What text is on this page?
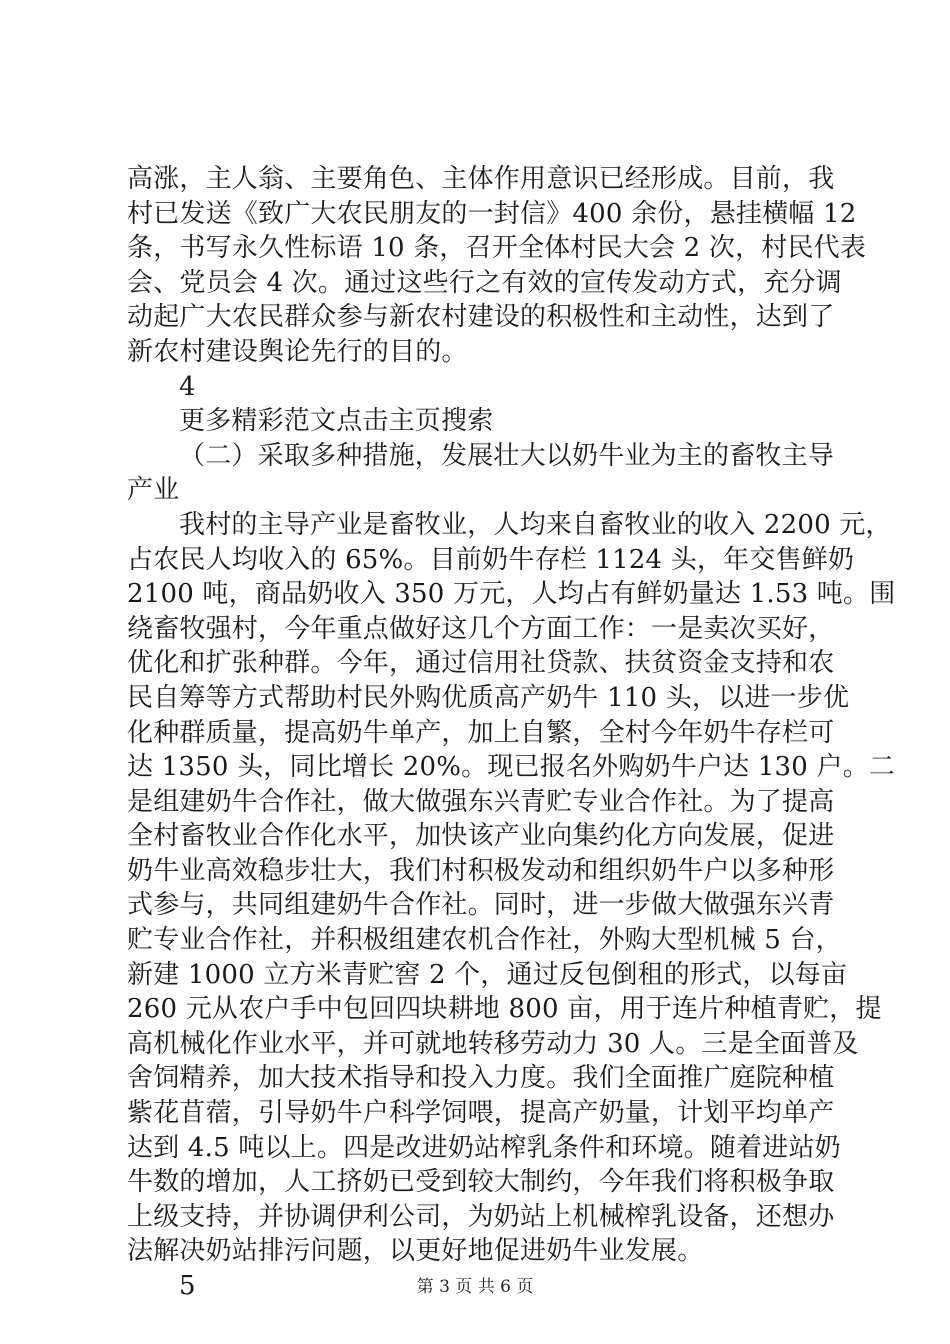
高涨，主人翁、主要角色、主体作用意识已经形成。目前，我

村已发送《致广大农民朋友的一封信》400 余份，悬挂横幅 12

条，书写永久性标语 10 条，召开全体村民大会 2 次，村民代表

会、党员会 4 次。通过这些行之有效的宣传发动方式，充分调

动起广大农民群众参与新农村建设的积极性和主动性，达到了

新农村建设舆论先行的目的。

4

更多精彩范文点击主页搜索

（二）采取多种措施，发展壮大以奶牛业为主的畜牧主导

产业

我村的主导产业是畜牧业，人均来自畜牧业的收入 2200 元，

占农民人均收入的 65%。目前奶牛存栏 1124 头，年交售鲜奶

2100 吨，商品奶收入 350 万元，人均占有鲜奶量达 1.53 吨。围

绕畜牧强村，今年重点做好这几个方面工作：一是卖次买好，

优化和扩张种群。今年，通过信用社贷款、扶贫资金支持和农

民自筹等方式帮助村民外购优质高产奶牛 110 头，以进一步优

化种群质量，提高奶牛单产，加上自繁，全村今年奶牛存栏可

达 1350 头，同比增长 20%。现已报名外购奶牛户达 130 户。二

是组建奶牛合作社，做大做强东兴青贮专业合作社。为了提高

全村畜牧业合作化水平，加快该产业向集约化方向发展，促进

奶牛业高效稳步壮大，我们村积极发动和组织奶牛户以多种形

式参与，共同组建奶牛合作社。同时，进一步做大做强东兴青

贮专业合作社，并积极组建农机合作社，外购大型机械 5 台，

新建 1000 立方米青贮窖 2 个，通过反包倒租的形式，以每亩

260 元从农户手中包回四块耕地 800 亩，用于连片种植青贮，提

高机械化作业水平，并可就地转移劳动力 30 人。三是全面普及

舍饲精养，加大技术指导和投入力度。我们全面推广庭院种植

紫花苜蓿，引导奶牛户科学饲喂，提高产奶量，计划平均单产

达到 4.5 吨以上。四是改进奶站榨乳条件和环境。随着进站奶

牛数的增加，人工挤奶已受到较大制约，今年我们将积极争取

上级支持，并协调伊利公司，为奶站上机械榨乳设备，还想办

法解决奶站排污问题，以更好地促进奶牛业发展。

5	第 3 页 共 6 页
